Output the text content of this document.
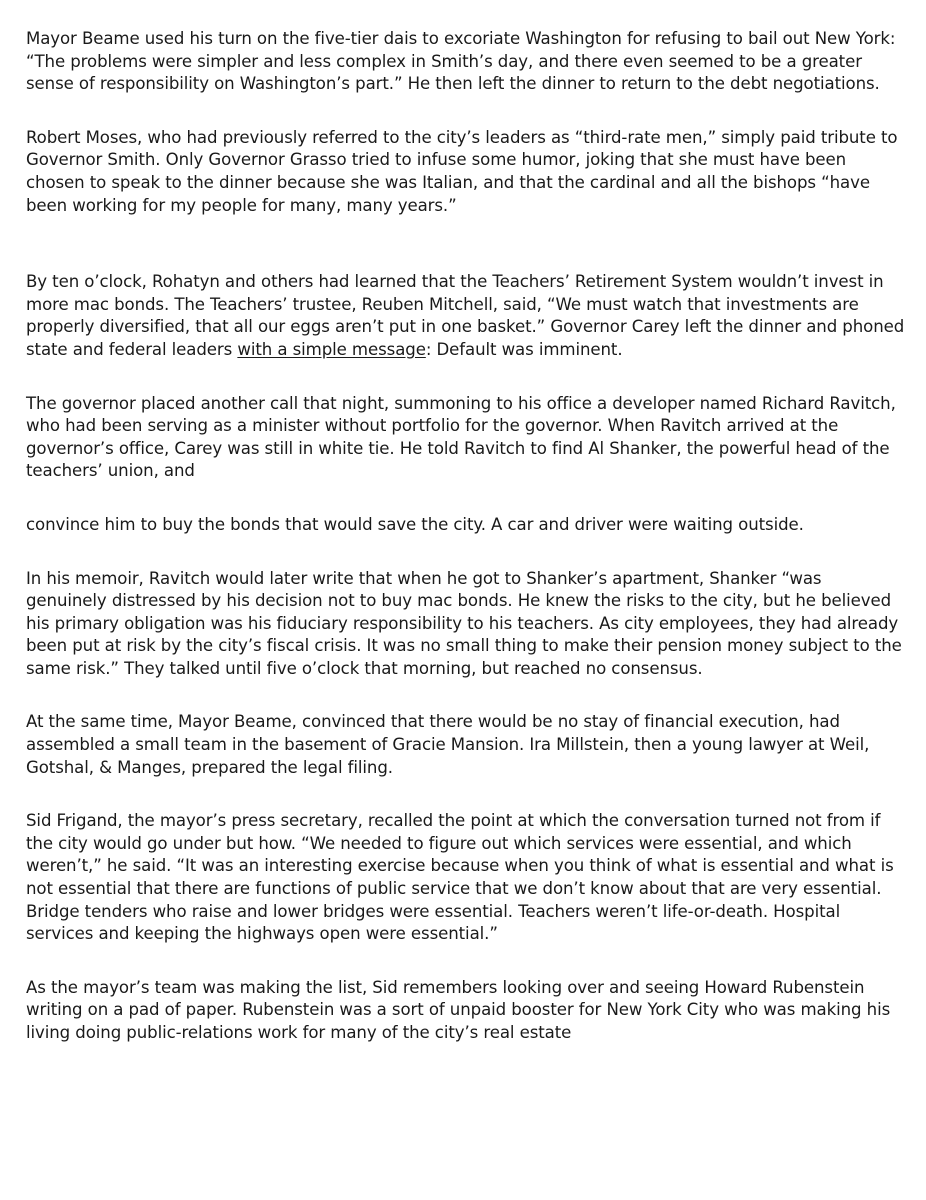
Mayor Beame used his turn on the five-tier dais to excoriate Washington for refusing to bail out New York: “The problems were simpler and less complex in Smith’s day, and there even seemed to be a greater sense of responsibility on Washington’s part.” He then left the dinner to return to the debt negotiations.

Robert Moses, who had previously referred to the city’s leaders as “third-rate men,” simply paid tribute to Governor Smith. Only Governor Grasso tried to infuse some humor, joking that she must have been chosen to speak to the dinner because she was Italian, and that the cardinal and all the bishops “have been working for my people for many, many years.”

By ten o’clock, Rohatyn and others had learned that the Teachers’ Retirement System wouldn’t invest in more mac bonds. The Teachers’ trustee, Reuben Mitchell, said, “We must watch that investments are properly diversified, that all our eggs aren’t put in one basket.” Governor Carey left the dinner and phoned state and federal leaders with a simple message: Default was imminent.

The governor placed another call that night, summoning to his office a developer named Richard Ravitch, who had been serving as a minister without portfolio for the governor. When Ravitch arrived at the governor’s office, Carey was still in white tie. He told Ravitch to find Al Shanker, the powerful head of the teachers’ union, and

convince him to buy the bonds that would save the city. A car and driver were waiting outside.

In his memoir, Ravitch would later write that when he got to Shanker’s apartment, Shanker “was genuinely distressed by his decision not to buy mac bonds. He knew the risks to the city, but he believed his primary obligation was his fiduciary responsibility to his teachers. As city employees, they had already been put at risk by the city’s fiscal crisis. It was no small thing to make their pension money subject to the same risk.” They talked until five o’clock that morning, but reached no consensus.

At the same time, Mayor Beame, convinced that there would be no stay of financial execution, had assembled a small team in the basement of Gracie Mansion. Ira Millstein, then a young lawyer at Weil, Gotshal, & Manges, prepared the legal filing.

Sid Frigand, the mayor’s press secretary, recalled the point at which the conversation turned not from if the city would go under but how. “We needed to figure out which services were essential, and which weren’t,” he said. “It was an interesting exercise because when you think of what is essential and what is not essential that there are functions of public service that we don’t know about that are very essential. Bridge tenders who raise and lower bridges were essential. Teachers weren’t life-or-death. Hospital services and keeping the highways open were essential.”

As the mayor’s team was making the list, Sid remembers looking over and seeing Howard Rubenstein writing on a pad of paper. Rubenstein was a sort of unpaid booster for New York City who was making his living doing public-relations work for many of the city’s real estate
